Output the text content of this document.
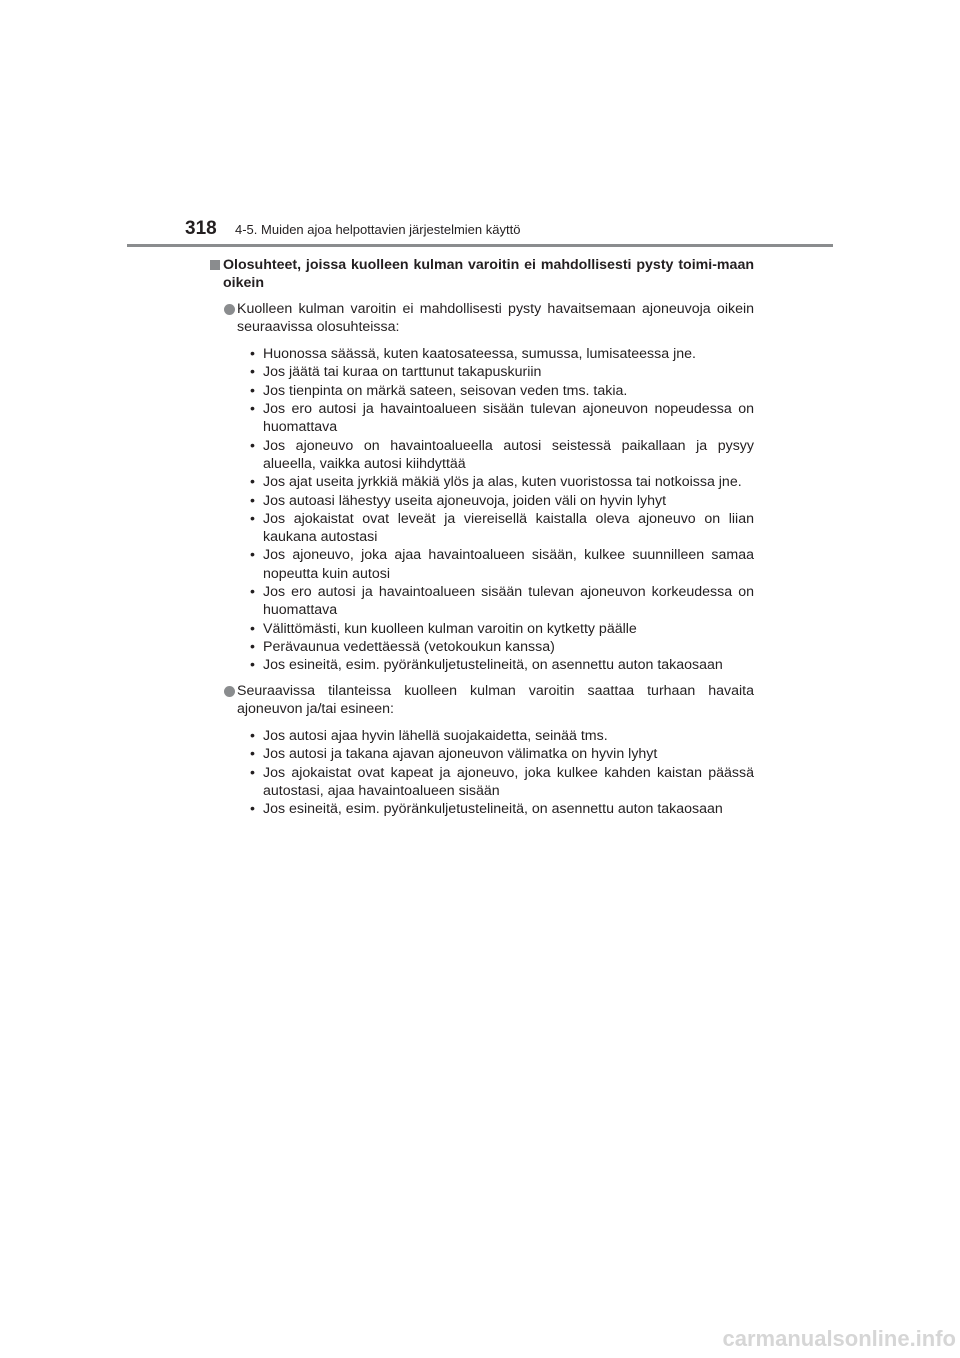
318 4-5. Muiden ajoa helpottavien järjestelmien käyttö
Olosuhteet, joissa kuolleen kulman varoitin ei mahdollisesti pysty toimi-maan oikein
Kuolleen kulman varoitin ei mahdollisesti pysty havaitsemaan ajoneuvoja oikein seuraavissa olosuhteissa:
• Huonossa säässä, kuten kaatosateessa, sumussa, lumisateessa jne.
• Jos jäätä tai kuraa on tarttunut takapuskuriin
• Jos tienpinta on märkä sateen, seisovan veden tms. takia.
• Jos ero autosi ja havaintoalueen sisään tulevan ajoneuvon nopeudessa on huomattava
• Jos ajoneuvo on havaintoalueella autosi seistessä paikallaan ja pysyy alueella, vaikka autosi kiihdyttää
• Jos ajat useita jyrkkiä mäkiä ylös ja alas, kuten vuoristossa tai notkoissa jne.
• Jos autoasi lähestyy useita ajoneuvoja, joiden väli on hyvin lyhyt
• Jos ajokaistat ovat leveät ja viereisellä kaistalla oleva ajoneuvo on liian kaukana autostasi
• Jos ajoneuvo, joka ajaa havaintoalueen sisään, kulkee suunnilleen samaa nopeutta kuin autosi
• Jos ero autosi ja havaintoalueen sisään tulevan ajoneuvon korkeudessa on huomattava
• Välittömästi, kun kuolleen kulman varoitin on kytketty päälle
• Perävaunua vedettäessä (vetokoukun kanssa)
• Jos esineitä, esim. pyöränkuljetustelineitä, on asennettu auton takaosaan
Seuraavissa tilanteissa kuolleen kulman varoitin saattaa turhaan havaita ajoneuvon ja/tai esineen:
• Jos autosi ajaa hyvin lähellä suojakaidetta, seinää tms.
• Jos autosi ja takana ajavan ajoneuvon välimatka on hyvin lyhyt
• Jos ajokaistat ovat kapeat ja ajoneuvo, joka kulkee kahden kaistan päässä autostasi, ajaa havaintoalueen sisään
• Jos esineitä, esim. pyöränkuljetustelineitä, on asennettu auton takaosaan
carmanualsonline.info
